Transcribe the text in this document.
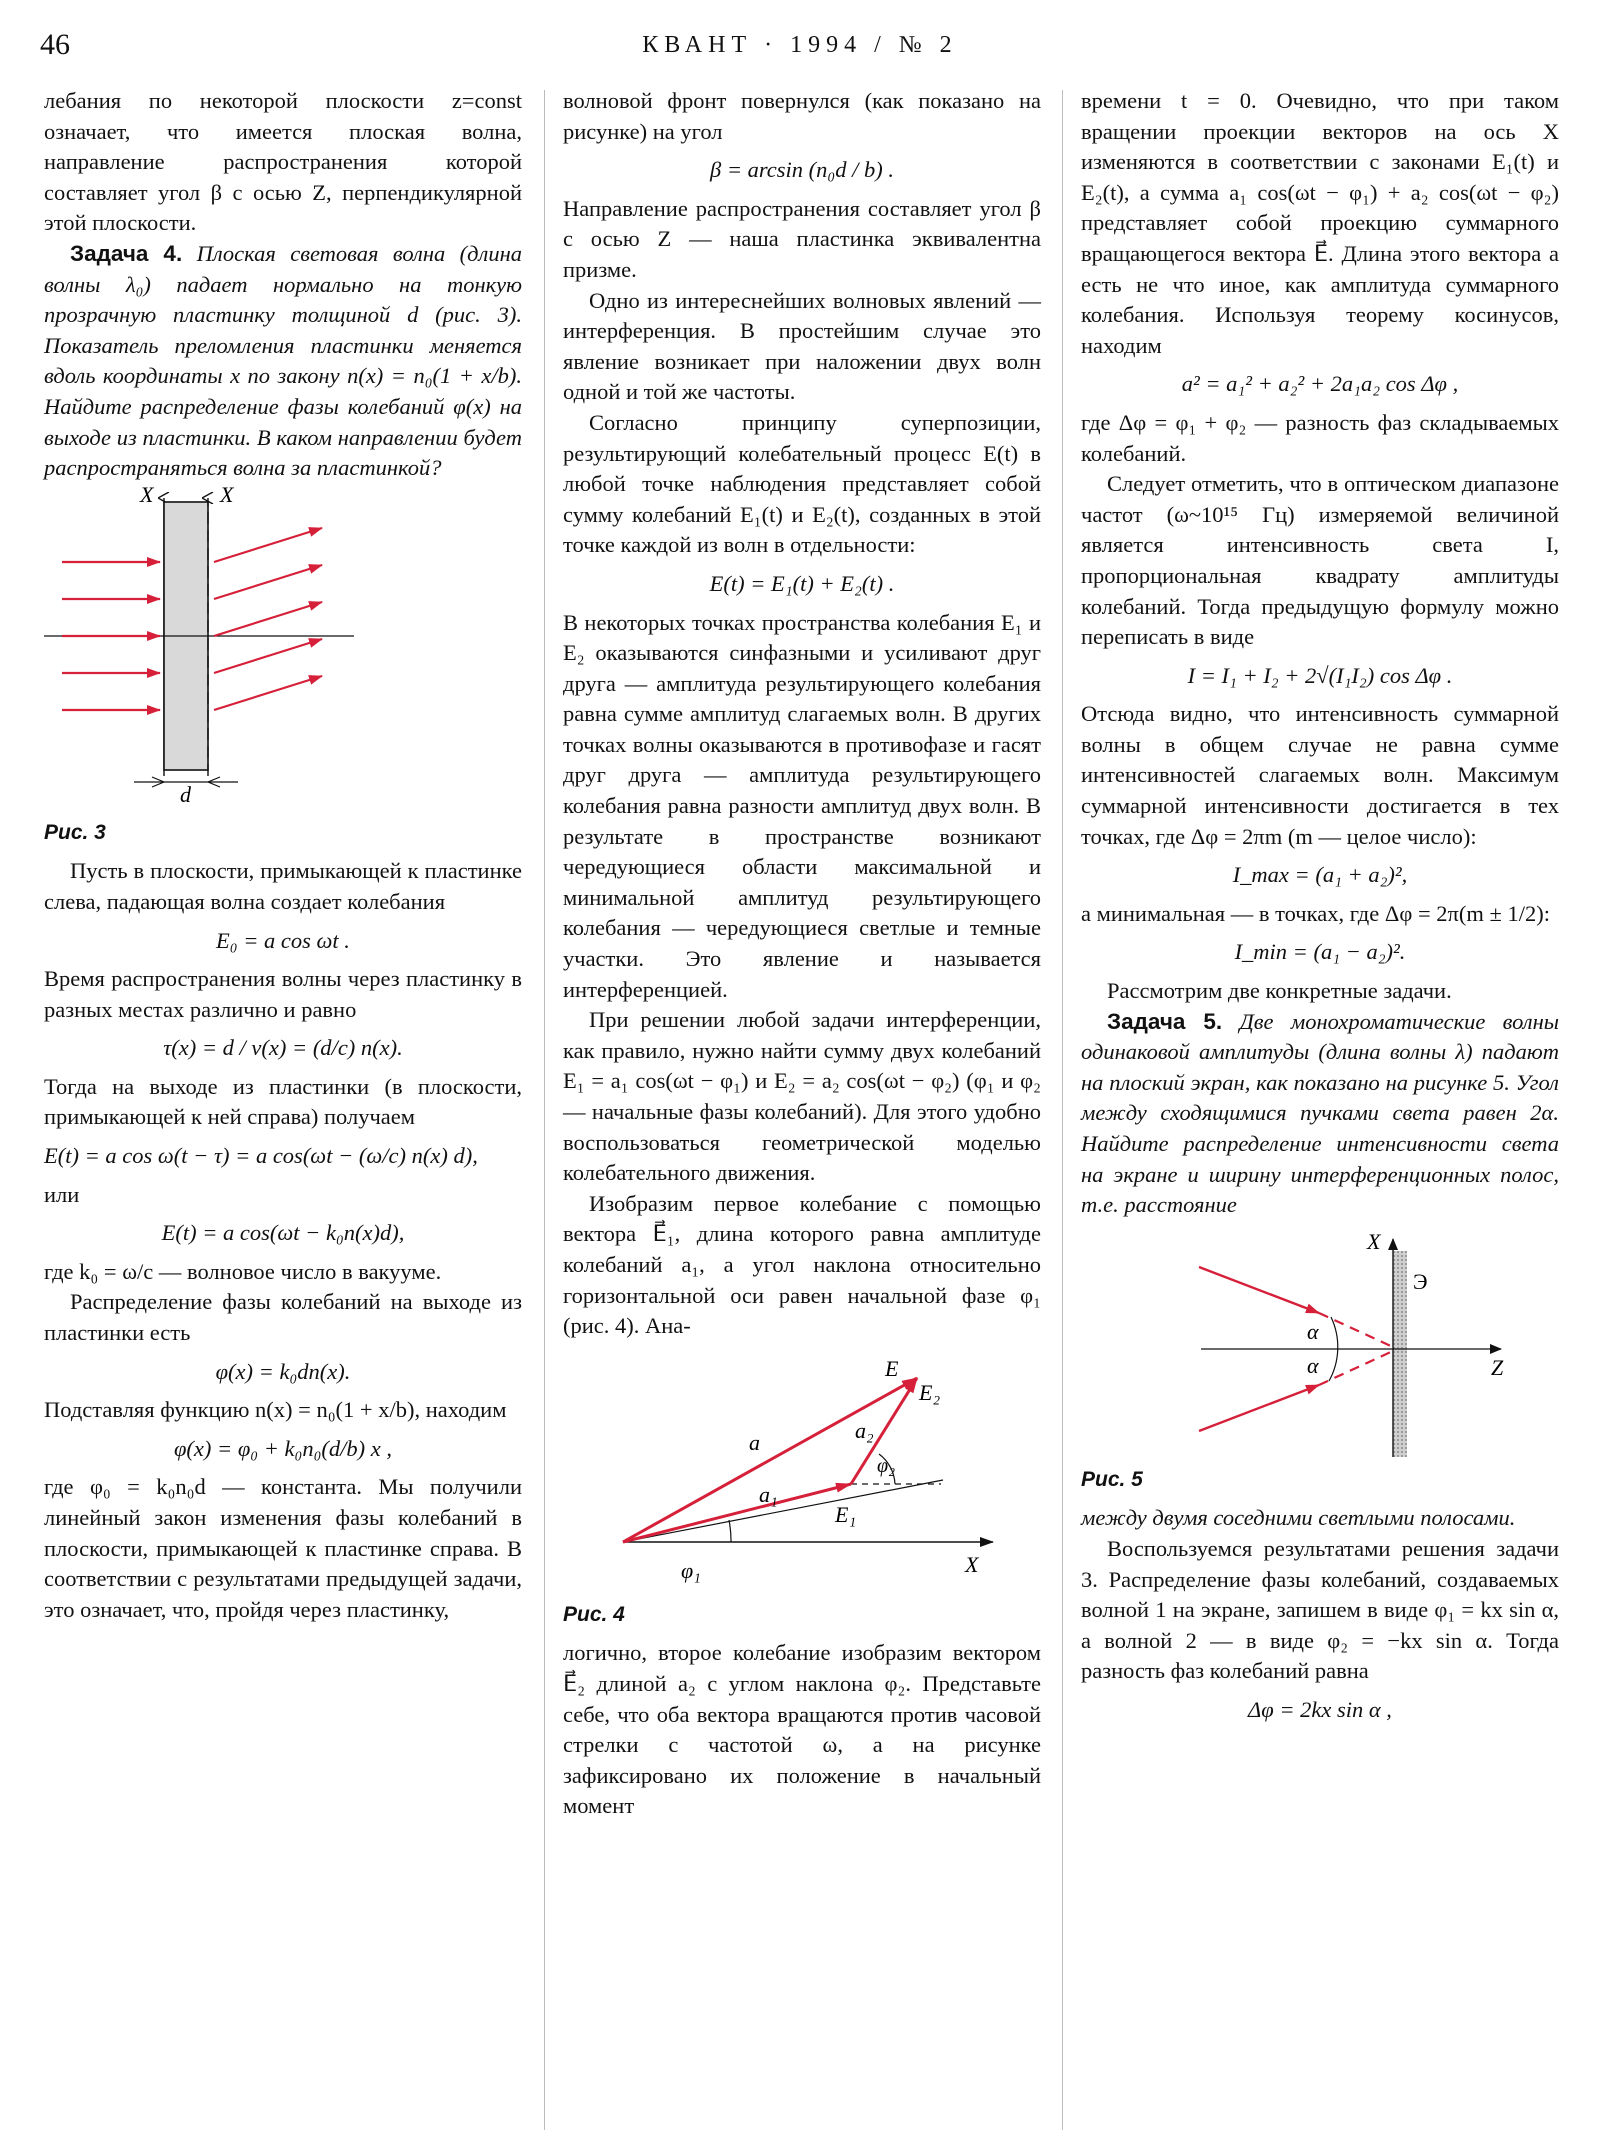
46	КВАНТ · 1994 / № 2

лебания по некоторой плоскости z=const означает, что имеется плоская волна, направление распространения которой составляет угол β с осью Z, перпендикулярной этой плоскости.

Задача 4. Плоская световая волна (длина волны λ₀) падает нормально на тонкую прозрачную пластинку толщиной d (рис. 3). Показатель преломления пластинки меняется вдоль координаты x по закону n(x) = n₀(1 + x/b). Найдите распределение фазы колебаний φ(x) на выходе из пластинки. В каком направлении будет распространяться волна за пластинкой?

X	X
d

Рис. 3

Пусть в плоскости, примыкающей к пластинке слева, падающая волна создает колебания

E₀ = a cos ωt .

Время распространения волны через пластинку в разных местах различно и равно

τ(x) = d / v(x) = (d/c) n(x).

Тогда на выходе из пластинки (в плоскости, примыкающей к ней справа) получаем

E(t) = a cos ω(t − τ) = a cos(ωt − (ω/c) n(x) d),

или

E(t) = a cos(ωt − k₀n(x)d),

где k₀ = ω/c — волновое число в вакууме.

Распределение фазы колебаний на выходе из пластинки есть

φ(x) = k₀dn(x).

Подставляя функцию n(x) = n₀(1 + x/b), находим

φ(x) = φ₀ + k₀n₀(d/b) x ,

где φ₀ = k₀n₀d — константа. Мы получили линейный закон изменения фазы колебаний в плоскости, примыкающей к пластинке справа. В соответствии с результатами предыдущей задачи, это означает, что, пройдя через пластинку,

волновой фронт повернулся (как показано на рисунке) на угол

β = arcsin (n₀d / b) .

Направление распространения составляет угол β с осью Z — наша пластинка эквивалентна призме.

Одно из интереснейших волновых явлений — интерференция. В простейшим случае это явление возникает при наложении двух волн одной и той же частоты.

Согласно принципу суперпозиции, результирующий колебательный процесс E(t) в любой точке наблюдения представляет собой сумму колебаний E₁(t) и E₂(t), созданных в этой точке каждой из волн в отдельности:

E(t) = E₁(t) + E₂(t) .

В некоторых точках пространства колебания E₁ и E₂ оказываются синфазными и усиливают друг друга — амплитуда результирующего колебания равна сумме амплитуд слагаемых волн. В других точках волны оказываются в противофазе и гасят друг друга — амплитуда результирующего колебания равна разности амплитуд двух волн. В результате в пространстве возникают чередующиеся области максимальной и минимальной амплитуд результирующего колебания — чередующиеся светлые и темные участки. Это явление и называется интерференцией.

При решении любой задачи интерференции, как правило, нужно найти сумму двух колебаний E₁ = a₁ cos(ωt − φ₁) и E₂ = a₂ cos(ωt − φ₂) (φ₁ и φ₂ — начальные фазы колебаний). Для этого удобно воспользоваться геометрической моделью колебательного движения.

Изобразим первое колебание с помощью вектора E⃗₁, длина которого равна амплитуде колебаний a₁, а угол наклона относительно горизонтальной оси равен начальной фазе φ₁ (рис. 4). Ана-

E
E₂
a	a₂
a₁
E₁
φ₁
φ₂
X

Рис. 4

логично, второе колебание изобразим вектором E⃗₂ длиной a₂ с углом наклона φ₂. Представьте себе, что оба вектора вращаются против часовой стрелки с частотой ω, а на рисунке зафиксировано их положение в начальный момент

времени t = 0. Очевидно, что при таком вращении проекции векторов на ось X изменяются в соответствии с законами E₁(t) и E₂(t), а сумма a₁ cos(ωt − φ₁) + a₂ cos(ωt − φ₂) представляет собой проекцию суммарного вращающегося вектора E⃗. Длина этого вектора a есть не что иное, как амплитуда суммарного колебания. Используя теорему косинусов, находим

a² = a₁² + a₂² + 2a₁a₂ cos Δφ ,

где Δφ = φ₁ + φ₂ — разность фаз складываемых колебаний.

Следует отметить, что в оптическом диапазоне частот (ω~10¹⁵ Гц) измеряемой величиной является интенсивность света I, пропорциональная квадрату амплитуды колебаний. Тогда предыдущую формулу можно переписать в виде

I = I₁ + I₂ + 2√(I₁I₂) cos Δφ .

Отсюда видно, что интенсивность суммарной волны в общем случае не равна сумме интенсивностей слагаемых волн. Максимум суммарной интенсивности достигается в тех точках, где Δφ = 2πm (m — целое число):

I_max = (a₁ + a₂)²,

а минимальная — в точках, где Δφ = 2π(m ± 1/2):

I_min = (a₁ − a₂)².

Рассмотрим две конкретные задачи.

Задача 5. Две монохроматические волны одинаковой амплитуды (длина волны λ) падают на плоский экран, как показано на рисунке 5. Угол между сходящимися пучками света равен 2α. Найдите распределение интенсивности света на экране и ширину интерференционных полос, т.е. расстояние

X
Э
Z
α
α

Рис. 5

между двумя соседними светлыми полосами.

Воспользуемся результатами решения задачи 3. Распределение фазы колебаний, создаваемых волной 1 на экране, запишем в виде φ₁ = kx sin α, а волной 2 — в виде φ₂ = −kx sin α. Тогда разность фаз колебаний равна

Δφ = 2kx sin α ,
